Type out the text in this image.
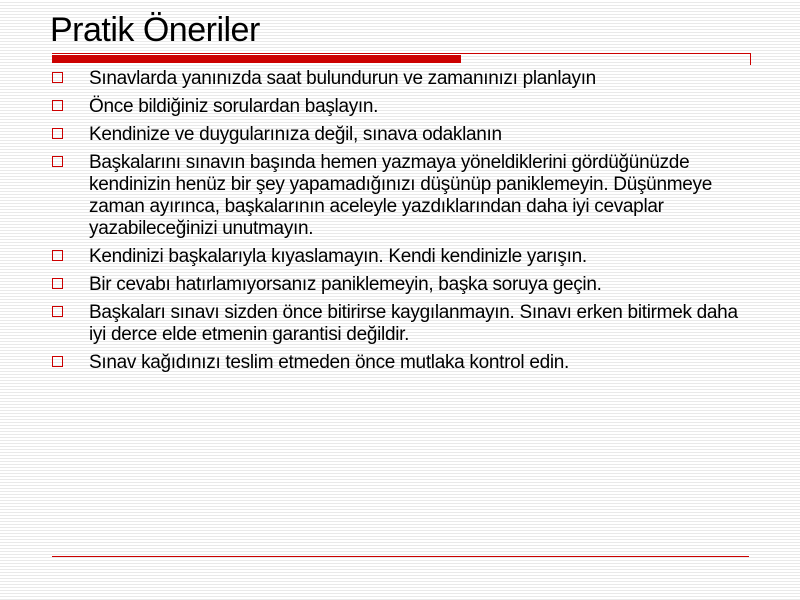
Pratik Öneriler
Sınavlarda yanınızda saat bulundurun ve zamanınızı planlayın
Önce bildiğiniz sorulardan başlayın.
Kendinize ve duygularınıza değil, sınava odaklanın
Başkalarını sınavın başında hemen yazmaya yöneldiklerini gördüğünüzde kendinizin henüz bir şey yapamadığınızı düşünüp paniklemeyin. Düşünmeye zaman ayırınca, başkalarının aceleyle yazdıklarından daha iyi cevaplar yazabileceğinizi unutmayın.
Kendinizi başkalarıyla kıyaslamayın. Kendi kendinizle yarışın.
Bir cevabı hatırlamıyorsanız paniklemeyin, başka soruya geçin.
Başkaları sınavı sizden önce bitirirse kaygılanmayın. Sınavı erken bitirmek daha iyi derce elde etmenin garantisi değildir.
Sınav kağıdınızı teslim etmeden önce mutlaka kontrol edin.
